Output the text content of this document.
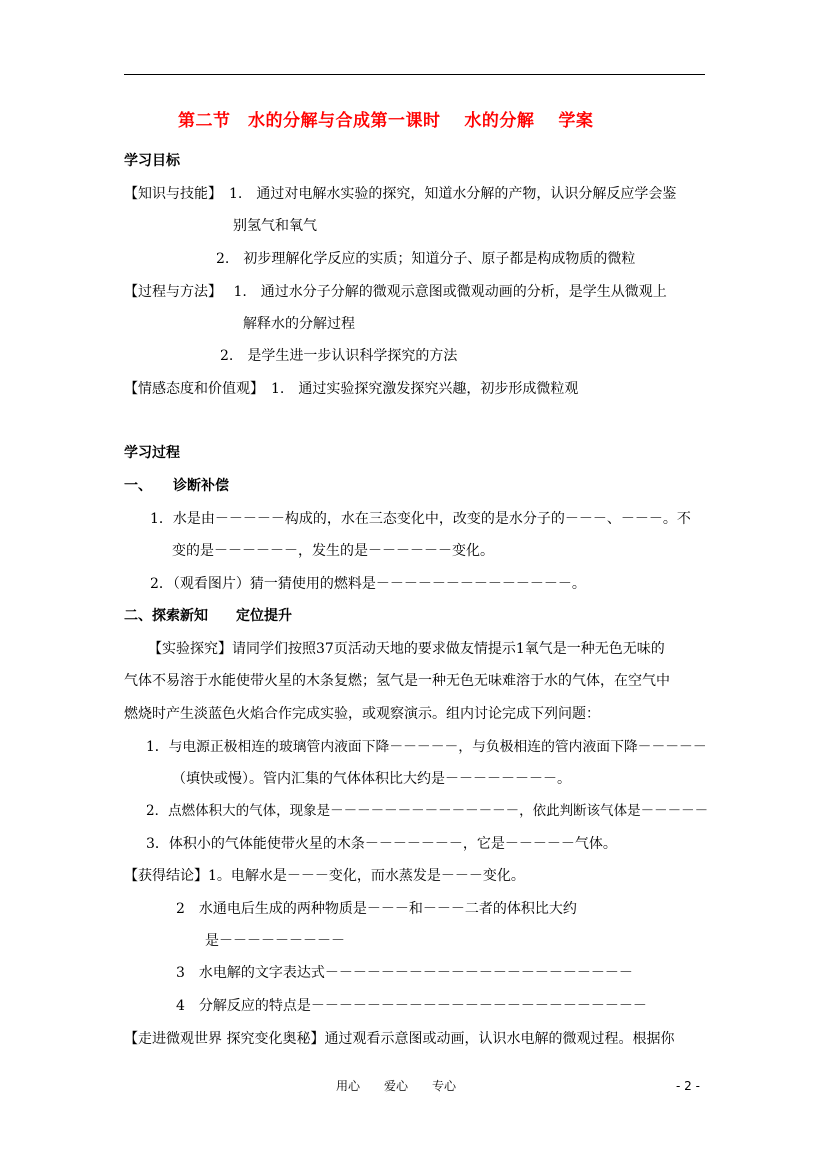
第二节　水的分解与合成第一课时　 水的分解　 学案
学习目标
【知识与技能】　1.　通过对电解水实验的探究，知道水分解的产物，认识分解反应学会鉴
别氢气和氧气
2.　初步理解化学反应的实质；知道分子、原子都是构成物质的微粒
【过程与方法】　 1.　通过水分子分解的微观示意图或微观动画的分析，是学生从微观上
解释水的分解过程
2.　是学生进一步认识科学探究的方法
【情感态度和价值观】　1.　通过实验探究激发探究兴趣，初步形成微粒观
学习过程
一、　　诊断补偿
1．水是由－－－－－构成的，水在三态变化中，改变的是水分子的－－－、－－－。不
变的是－－－－－－，发生的是－－－－－－变化。
2．（观看图片）猜一猜使用的燃料是－－－－－－－－－－－－－－。
二、探索新知　　定位提升
【实验探究】请同学们按照37页活动天地的要求做友情提示1氧气是一种无色无味的
气体不易溶于水能使带火星的木条复燃；氢气是一种无色无味难溶于水的气体，在空气中
燃烧时产生淡蓝色火焰合作完成实验，或观察演示。组内讨论完成下列问题：
1．与电源正极相连的玻璃管内液面下降－－－－－，与负极相连的管内液面下降－－－－－
（填快或慢）。管内汇集的气体体积比大约是－－－－－－－－。
2．点燃体积大的气体，现象是－－－－－－－－－－－－－－，依此判断该气体是－－－－－
3．体积小的气体能使带火星的木条－－－－－－－，它是－－－－－气体。
【获得结论】1。电解水是－－－变化，而水蒸发是－－－变化。
2　水通电后生成的两种物质是－－－和－－－二者的体积比大约
是－－－－－－－－－
3　水电解的文字表达式－－－－－－－－－－－－－－－－－－－－－－
4　分解反应的特点是－－－－－－－－－－－－－－－－－－－－－－－－
【走进微观世界 探究变化奥秘】通过观看示意图或动画，认识水电解的微观过程。根据你
用心　　爱心　　专心	- 2 -
